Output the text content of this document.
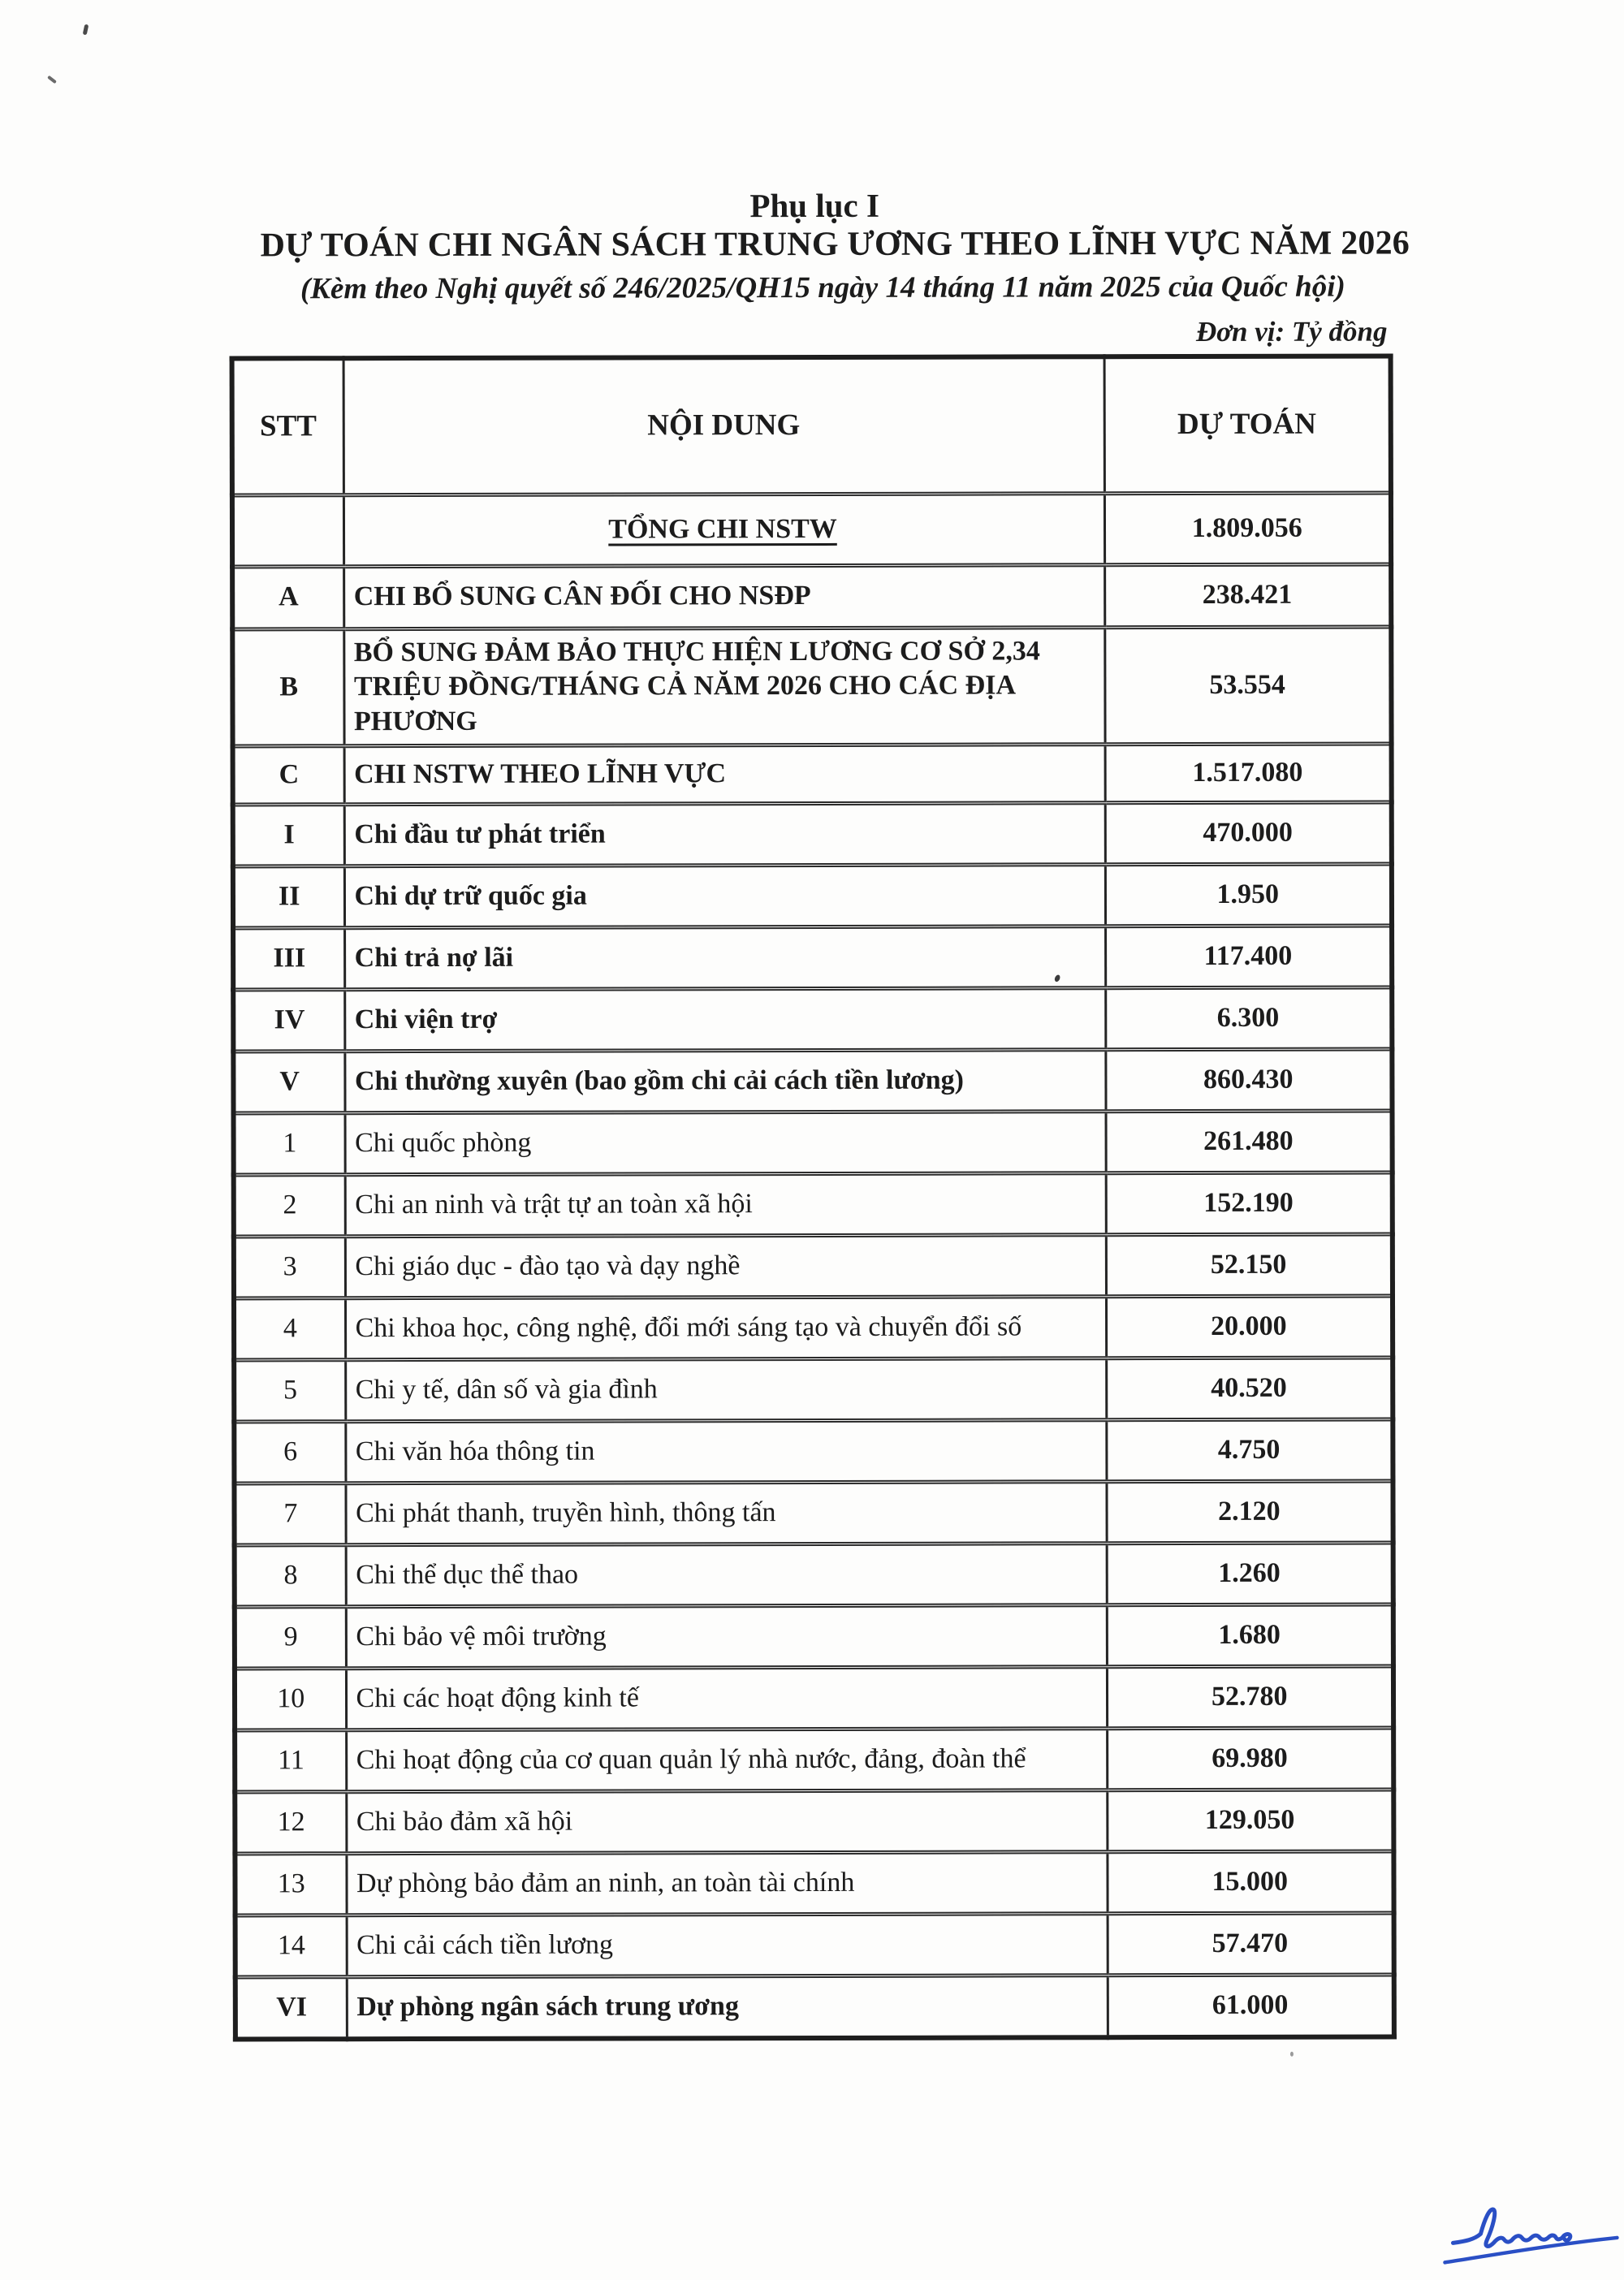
Phụ lục I
DỰ TOÁN CHI NGÂN SÁCH TRUNG ƯƠNG THEO LĨNH VỰC NĂM 2026
(Kèm theo Nghị quyết số 246/2025/QH15 ngày 14 tháng 11 năm 2025 của Quốc hội)
Đơn vị: Tỷ đồng
STT	NỘI DUNG	DỰ TOÁN
	TỔNG CHI NSTW	1.809.056
A	CHI BỔ SUNG CÂN ĐỐI CHO NSĐP	238.421
B	BỔ SUNG ĐẢM BẢO THỰC HIỆN LƯƠNG CƠ SỞ 2,34 TRIỆU ĐỒNG/THÁNG CẢ NĂM 2026 CHO CÁC ĐỊA PHƯƠNG	53.554
C	CHI NSTW THEO LĨNH VỰC	1.517.080
I	Chi đầu tư phát triển	470.000
II	Chi dự trữ quốc gia	1.950
III	Chi trả nợ lãi	117.400
IV	Chi viện trợ	6.300
V	Chi thường xuyên (bao gồm chi cải cách tiền lương)	860.430
1	Chi quốc phòng	261.480
2	Chi an ninh và trật tự an toàn xã hội	152.190
3	Chi giáo dục - đào tạo và dạy nghề	52.150
4	Chi khoa học, công nghệ, đổi mới sáng tạo và chuyển đổi số	20.000
5	Chi y tế, dân số và gia đình	40.520
6	Chi văn hóa thông tin	4.750
7	Chi phát thanh, truyền hình, thông tấn	2.120
8	Chi thể dục thể thao	1.260
9	Chi bảo vệ môi trường	1.680
10	Chi các hoạt động kinh tế	52.780
11	Chi hoạt động của cơ quan quản lý nhà nước, đảng, đoàn thể	69.980
12	Chi bảo đảm xã hội	129.050
13	Dự phòng bảo đảm an ninh, an toàn tài chính	15.000
14	Chi cải cách tiền lương	57.470
VI	Dự phòng ngân sách trung ương	61.000
